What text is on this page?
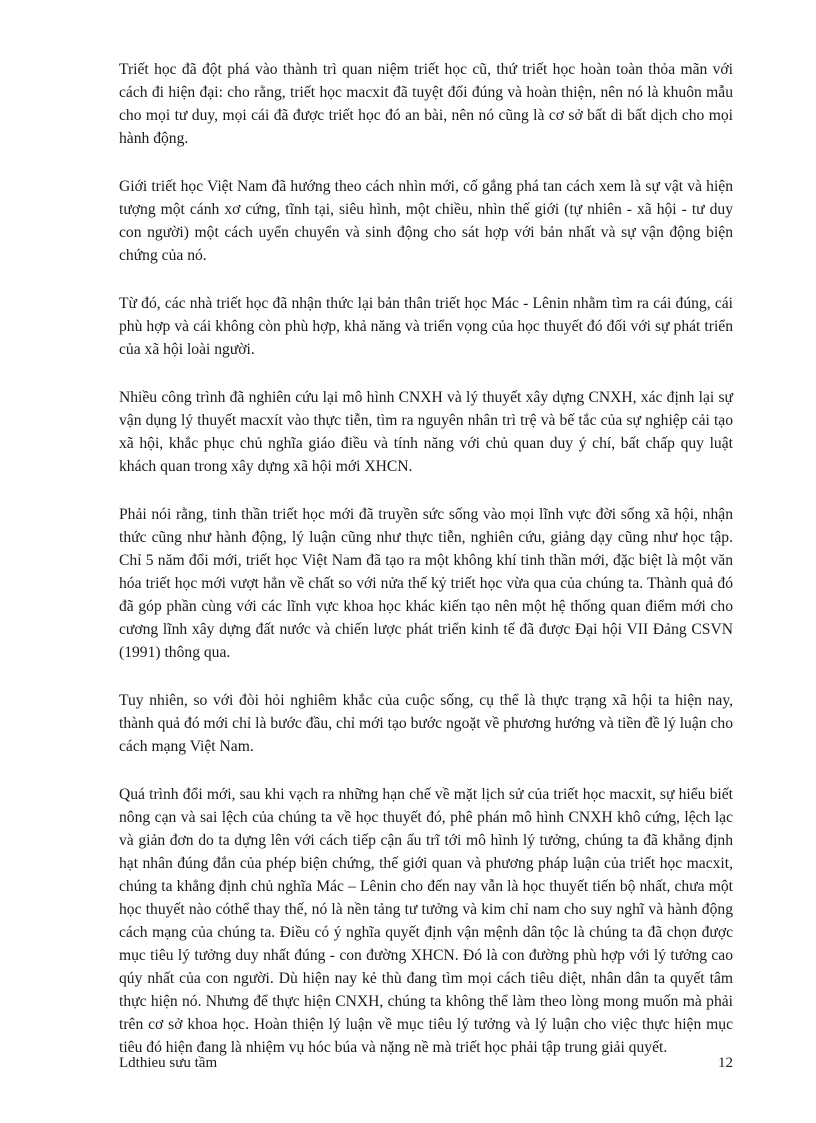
Triết học đã đột phá vào thành trì quan niệm triết học cũ, thứ triết học hoàn toàn thỏa mãn với cách đi hiện đại: cho rằng, triết học macxit đã tuyệt đối đúng và hoàn thiện, nên nó là khuôn mẫu cho mọi tư duy, mọi cái đã được triết học đó an bài, nên nó cũng là cơ sở bất di bất dịch cho mọi hành động.

Giới triết học Việt Nam đã hướng theo cách nhìn mới, cố gắng phá tan cách xem là sự vật và hiện tượng một cánh xơ cứng, tĩnh tại, siêu hình, một chiều, nhìn thế giới (tự nhiên - xã hội - tư duy con người) một cách uyển chuyển và sinh động cho sát hợp với bản nhất và sự vận động biện chứng của nó.

Từ đó, các nhà triết học đã nhận thức lại bản thân triết học Mác - Lênin nhằm tìm ra cái đúng, cái phù hợp và cái không còn phù hợp, khả năng và triển vọng của học thuyết đó đối với sự phát triển của xã hội loài người.

Nhiều công trình đã nghiên cứu lại mô hình CNXH và lý thuyết xây dựng CNXH, xác định lại sự vận dụng lý thuyết macxít vào thực tiễn, tìm ra nguyên nhân trì trệ và bế tắc của sự nghiệp cải tạo xã hội, khắc phục chủ nghĩa giáo điều và tính năng với chủ quan duy ý chí, bất chấp quy luật khách quan trong xây dựng xã hội mới XHCN.

Phải nói rằng, tinh thần triết học mới đã truyền sức sống vào mọi lĩnh vực đời sống xã hội, nhận thức cũng như hành động, lý luận cũng như thực tiễn, nghiên cứu, giảng dạy cũng như học tập. Chỉ 5 năm đổi mới, triết học Việt Nam đã tạo ra một không khí tinh thần mới, đặc biệt là một văn hóa triết học mới vượt hẳn về chất so với nửa thế kỷ triết học vừa qua của chúng ta. Thành quả đó đã góp phần cùng với các lĩnh vực khoa học khác kiến tạo nên một hệ thống quan điểm mới cho cương lĩnh xây dựng đất nước và chiến lược phát triển kinh tế đã được Đại hội VII Đảng CSVN (1991) thông qua.

Tuy nhiên, so với đòi hỏi nghiêm khắc của cuộc sống, cụ thể là thực trạng xã hội ta hiện nay, thành quả đó mới chỉ là bước đầu, chỉ mới tạo bước ngoặt về phương hướng và tiền đề lý luận cho cách mạng Việt Nam.

Quá trình đổi mới, sau khi vạch ra những hạn chế về mặt lịch sử của triết học macxit, sự hiểu biết nông cạn và sai lệch của chúng ta về học thuyết đó, phê phán mô hình CNXH khô cứng, lệch lạc và giản đơn do ta dựng lên với cách tiếp cận ấu trĩ tới mô hình lý tưởng, chúng ta đã khẳng định hạt nhân đúng đắn của phép biện chứng, thế giới quan và phương pháp luận của triết học macxit, chúng ta khẳng định chủ nghĩa Mác – Lênin cho đến nay vẫn là học thuyết tiến bộ nhất, chưa một học thuyết nào cóthể thay thế, nó là nền tảng tư tưởng và kim chỉ nam cho suy nghĩ và hành động cách mạng của chúng ta. Điều có ý nghĩa quyết định vận mệnh dân tộc là chúng ta đã chọn được mục tiêu lý tưởng duy nhất đúng - con đường XHCN. Đó là con đường phù hợp với lý tưởng cao qúy nhất của con người. Dù hiện nay kẻ thù đang tìm mọi cách tiêu diệt, nhân dân ta quyết tâm thực hiện nó. Nhưng để thực hiện CNXH, chúng ta không thể làm theo lòng mong muốn mà phải trên cơ sở khoa học. Hoàn thiện lý luận về mục tiêu lý tưởng và lý luận cho việc thực hiện mục tiêu đó hiện đang là nhiệm vụ hóc búa và nặng nề mà triết học phải tập trung giải quyết.

Ldthieu sưu tầm	12
